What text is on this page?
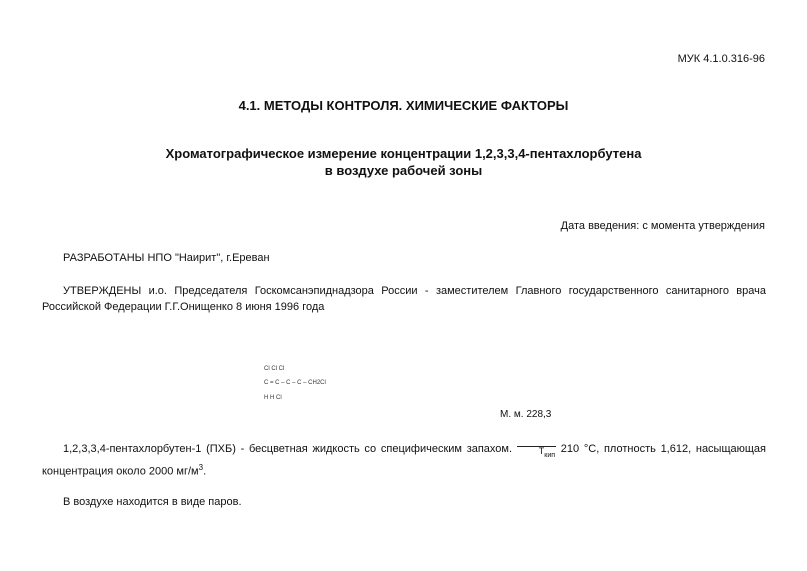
МУК 4.1.0.316-96
4.1. МЕТОДЫ КОНТРОЛЯ. ХИМИЧЕСКИЕ ФАКТОРЫ
Хроматографическое измерение концентрации 1,2,3,3,4-пентахлорбутена
в воздухе рабочей зоны
Дата введения: с момента утверждения
РАЗРАБОТАНЫ НПО "Наирит", г.Ереван
УТВЕРЖДЕНЫ и.о. Председателя Госкомсанэпиднадзора России - заместителем Главного государственного санитарного врача Российской Федерации Г.Г.Онищенко 8 июня 1996 года
Cl Cl Cl
C = C – C – C – CH2Cl
H H Cl
М. м. 228,3
1,2,3,3,4-пентахлорбутен-1 (ПХБ) - бесцветная жидкость со специфическим запахом.	$T_{кип}$ 210 °С, плотность 1,612, насыщающая концентрация около 2000 $мг/м^3$.
В воздухе находится в виде паров.
